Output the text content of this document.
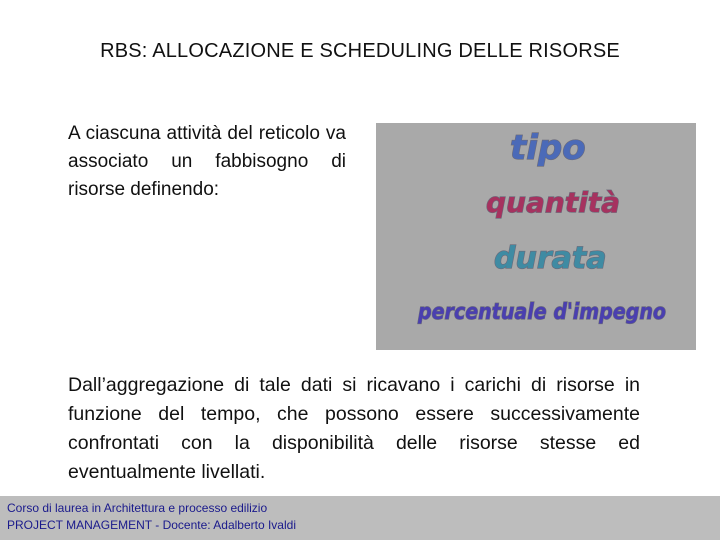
RBS: ALLOCAZIONE E SCHEDULING DELLE RISORSE
A ciascuna attività del reticolo va associato un fabbisogno di risorse definendo:
tipo
quantità
durata
percentuale d'impegno
Dall’aggregazione di tale dati si ricavano i carichi di risorse in funzione del tempo, che possono essere successivamente confrontati con la disponibilità delle risorse stesse ed eventualmente livellati.
Corso di laurea in Architettura e processo edilizio
PROJECT MANAGEMENT - Docente: Adalberto Ivaldi
